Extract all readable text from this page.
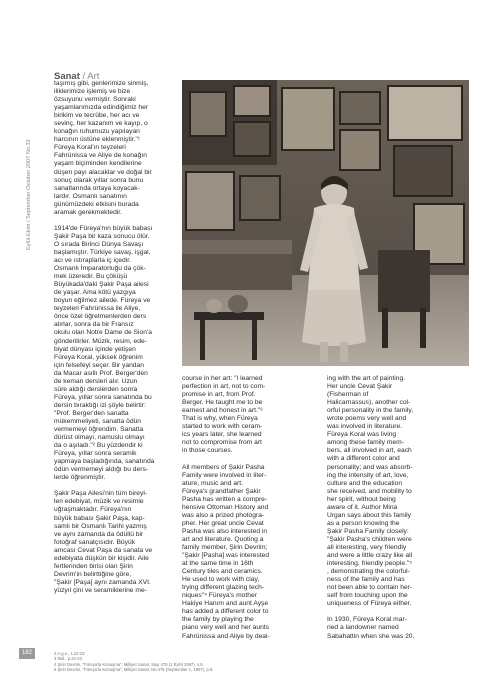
Sanat / Art
Eylül-Ekim / September-October 2007 No.32
taşımış gibi, genlerimize sinmiş,
iliklerimize işlemiş ve bize
özsuyunu vermiştir. Sonraki
yaşamlarımızda edindiğimiz her
birikim ve tecrübe, her acı ve
sevinç, her kazanım ve kayıp, o
konağın ruhumuzu yapılayan
harcının üstüne eklenmiştir."¹
Füreya Koral'ın teyzeleri
Fahrünissa ve Aliye de konağın
yaşam biçiminden kendilerine
düşen payı alacaklar ve doğal bir
sonuç olarak yıllar sonra bunu
sanatlarında ortaya koyacak-
lardır. Osmanlı sanatının
günümüzdeki etkisini burada
aramak gerekmektedir.

1914'de Füreya'nın büyük babası
Şakir Paşa bir kaza sonucu ölür.
O sırada Birinci Dünya Savaşı
başlamıştır. Türkiye savaş, işgal,
acı ve ıstıraplarla iç içedir.
Osmanlı İmparatorluğu da çök-
mek üzeredir. Bu çöküşü
Büyükada'daki Şakir Paşa ailesi
de yaşar. Ama kötü yazgıya
boyun eğilmez ailede. Füreya ve
teyzeleri Fahrünissa ile Aliye,
önce özel öğretmenlerden ders
alırlar, sonra da bir Fransız
okulu olan Notre Dame de Sion'a
gönderilirler. Müzik, resim, ede-
biyat dünyası içinde yetişen
Füreya Koral, yüksek öğrenim
için felsefeyi seçer. Bir yandan
da Macar asıllı Prof. Berger'den
de keman dersleri alır. Uzun
süre aldığı derslerden sonra
Füreya, yıllar sonra sanatında bu
dersin bıraktığı izi şöyle belirtir:
"Prof. Berger'den sanatta
mükemmeliyeti, sanatta ödün
vermemeyi öğrendim. Sanatta
dürüst olmayı, namuslu olmayı
da o aşıladı."² Bu yüzdendir ki
Füreya, yıllar sonra seramik
yapmaya başladığında, sanatında
ödün vermemeyi aldığı bu ders-
lerde öğrenmiştir.

Şakir Paşa Ailesi'nin tüm bireyl-
leri edebiyat, müzik ve resimle
uğraşmaktadır. Füreya'nın
büyük babası Şakir Paşa, kap-
samlı bir Osmanlı Tarihi yazmış
ve aynı zamanda da ödüllü bir
fotoğraf sanatçısıdır. Büyük
amcası Cevat Paşa da sanata ve
edebiyata düşkün bir kişidir. Aile
fertlerinden birisi olan Şirin
Devrim'in belirttiğine göre,
"Şakir [Paşa] aynı zamanda XVI.
yüzyıl çini ve seramiklerine me-
course in her art: "I learned
perfection in art, not to com-
promise in art, from Prof.
Berger. He taught me to be
earnest and honest in art."³
That is why, when Füreya
started to work with ceram-
ics years later, she learned
not to compromise from art
in those courses.

All members of Şakir Pasha
Family were involved in liter-
ature, music and art.
Füreya's grandfather Şakir
Pasha has written a compre-
hensive Ottoman History and
was also a prized photogra-
pher. Her great uncle Cevat
Pasha was also interested in
art and literature. Quoting a
family member, Şirin Devrim;
"Şakir [Pasha] was interested
at the same time in 16th
Century tiles and ceramics.
He used to work with clay,
trying different glazing tech-
niques"⁴ Füreya's mother
Hakiye Hanım and aunt Ayşe
has added a different color to
the family by playing the
piano very well and her aunts
Fahrünissa and Aliye by deal-
ing with the art of painting.
Her uncle Cevat Şakir
(Fisherman of
Halicarnassus), another col-
orful personality in the family,
wrote poems very well and
was involved in literature.
Füreya Koral was living
among these family mem-
bers, all involved in art, each
with a different color and
personality; and was absorb-
ing the intensity of art, love,
culture and the education
she received, and mobility to
her spirit, without being
aware of it. Author Mina
Urgan says about this family
as a person knowing the
Şakir Pasha Family closely:
"Şakir Pasha's children were
all interesting, very friendly
and were a little crazy like all
interesting, friendly people."⁵
, demonstrating the colorful-
ness of the family and has
not been able to contain her-
self from touching upon the
uniqueness of Füreya either.

In 1930, Füreya Koral mar-
ried a landowner named
Sabahattin when she was 20.
2 A.g.e., s.22-23
3 Ibid., p.22-23
4 Şirin Devrim, "Füreya'la Konuşma", Milliyet Sanat, Sayı 475 (1 Eylül 1997), s.8.
5 Şirin Devrim, "Füreya'la Konuşma", Milliyet Sanat, No.475 (September 1, 1997), p.8.
182
